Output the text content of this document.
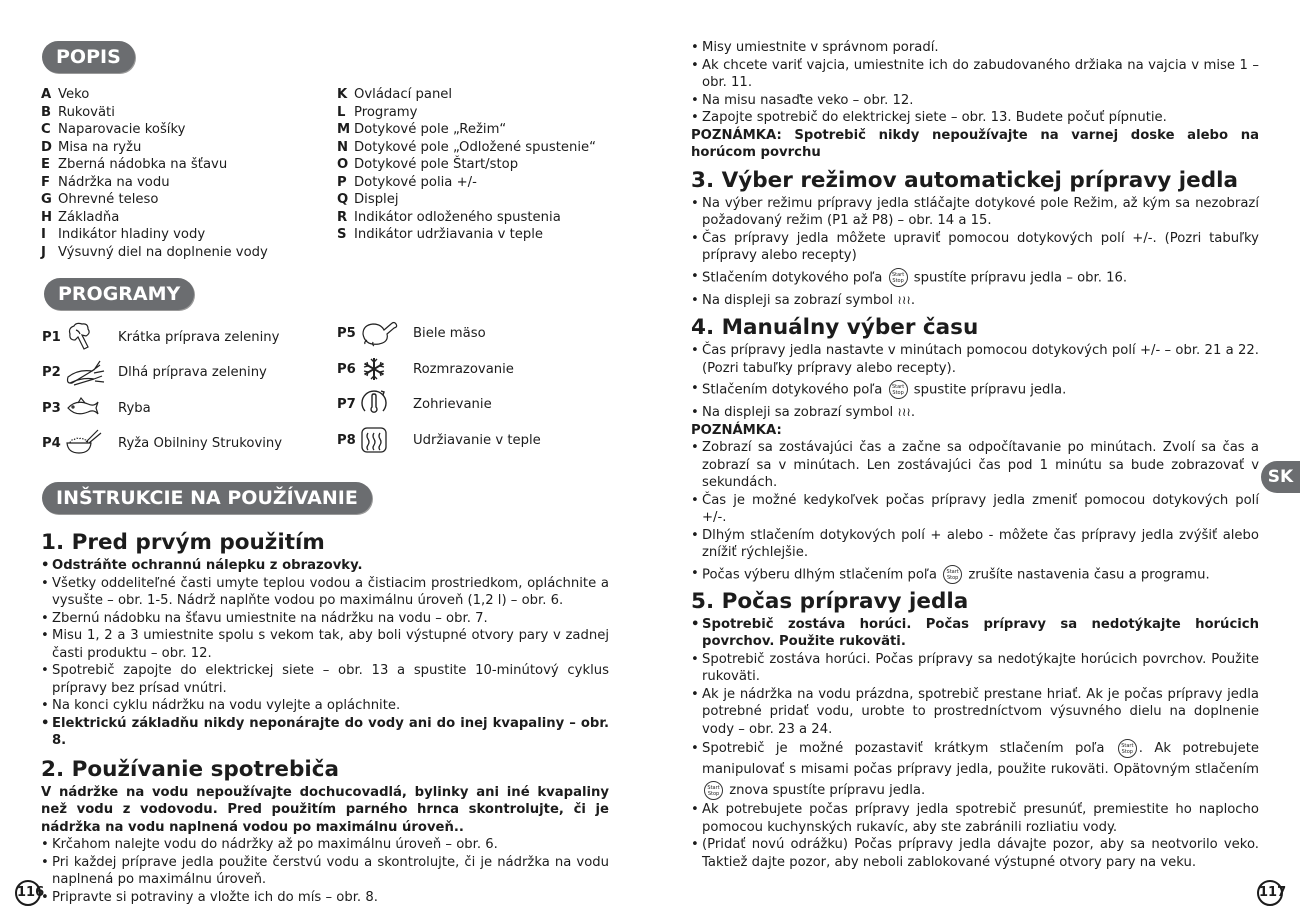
POPIS
A Veko
B Rukoväti
C Naparovacie košíky
D Misa na ryžu
E Zberná nádobka na šťavu
F Nádržka na vodu
G Ohrevné teleso
H Základňa
I Indikátor hladiny vody
J Výsuvný diel na doplnenie vody
K Ovládací panel
L Programy
M Dotykové pole „Režim“
N Dotykové pole „Odložené spustenie“
O Dotykové pole Štart/stop
P Dotykové polia +/-
Q Displej
R Indikátor odloženého spustenia
S Indikátor udržiavania v teple
PROGRAMY
P1	Krátka príprava zeleniny
P2	Dlhá príprava zeleniny
P3	Ryba
P4	Ryža Obilniny Strukoviny
P5	Biele mäso
P6	Rozmrazovanie
P7	Zohrievanie
P8	Udržiavanie v teple
INŠTRUKCIE NA POUŽÍVANIE
1. Pred prvým použitím
• Odstráňte ochrannú nálepku z obrazovky.
• Všetky oddeliteľné časti umyte teplou vodou a čistiacim prostriedkom, opláchnite a vysušte – obr. 1-5. Nádrž naplňte vodou po maximálnu úroveň (1,2 l) – obr. 6.
• Zbernú nádobku na šťavu umiestnite na nádržku na vodu – obr. 7.
• Misu 1, 2 a 3 umiestnite spolu s vekom tak, aby boli výstupné otvory pary v zadnej časti produktu – obr. 12.
• Spotrebič zapojte do elektrickej siete – obr. 13 a spustite 10-minútový cyklus prípravy bez prísad vnútri.
• Na konci cyklu nádržku na vodu vylejte a opláchnite.
• Elektrickú základňu nikdy neponárajte do vody ani do inej kvapaliny – obr. 8.
2. Používanie spotrebiča

V nádržke na vodu nepoužívajte dochucovadlá, bylinky ani iné kvapaliny než vodu z vodovodu. Pred použitím parného hrnca skontrolujte, či je nádržka na vodu naplnená vodou po maximálnu úroveň..

• Krčahom nalejte vodu do nádržky až po maximálnu úroveň – obr. 6.
• Pri každej príprave jedla použite čerstvú vodu a skontrolujte, či je nádržka na vodu naplnená po maximálnu úroveň.
• Pripravte si potraviny a vložte ich do mís – obr. 8.
• Misy umiestnite v správnom poradí.
• Ak chcete variť vajcia, umiestnite ich do zabudovaného držiaka na vajcia v mise 1 – obr. 11.
• Na misu nasaďte veko – obr. 12.
• Zapojte spotrebič do elektrickej siete – obr. 13. Budete počuť pípnutie.

POZNÁMKA: Spotrebič nikdy nepoužívajte na varnej doske alebo na horúcom povrchu

3. Výber režimov automatickej prípravy jedla
• Na výber režimu prípravy jedla stláčajte dotykové pole Režim, až kým sa nezobrazí požadovaný režim (P1 až P8) – obr. 14 a 15.
• Čas prípravy jedla môžete upraviť pomocou dotykových polí +/-. (Pozri tabuľky prípravy alebo recepty)
• Stlačením dotykového poľa Start
Stop spustíte prípravu jedla – obr. 16.
• Na displeji sa zobrazí symbol ≀≀≀.
4. Manuálny výber času
• Čas prípravy jedla nastavte v minútach pomocou dotykových polí +/- – obr. 21 a 22. (Pozri tabuľky prípravy alebo recepty).
• Stlačením dotykového poľa Start
Stop spustite prípravu jedla.
• Na displeji sa zobrazí symbol ≀≀≀.

POZNÁMKA:

• Zobrazí sa zostávajúci čas a začne sa odpočítavanie po minútach. Zvolí sa čas a zobrazí sa v minútach. Len zostávajúci čas pod 1 minútu sa bude zobrazovať v sekundách.
• Čas je možné kedykoľvek počas prípravy jedla zmeniť pomocou dotykových polí +/-.
• Dlhým stlačením dotykových polí + alebo - môžete čas prípravy jedla zvýšiť alebo znížiť rýchlejšie.
• Počas výberu dlhým stlačením poľa Start
Stop zrušíte nastavenia času a programu.
5. Počas prípravy jedla
• Spotrebič zostáva horúci. Počas prípravy sa nedotýkajte horúcich povrchov. Použite rukoväti.
• Spotrebič zostáva horúci. Počas prípravy sa nedotýkajte horúcich povrchov. Použite rukoväti.
• Ak je nádržka na vodu prázdna, spotrebič prestane hriať. Ak je počas prípravy jedla potrebné pridať vodu, urobte to prostredníctvom výsuvného dielu na doplnenie vody – obr. 23 a 24.
• Spotrebič je možné pozastaviť krátkym stlačením poľa	Start
Stop . Ak potrebujete manipulovať s misami počas prípravy jedla, použite rukoväti. Opätovným stlačením Start
Stop znova spustíte prípravu jedla.
• Ak potrebujete počas prípravy jedla spotrebič presunúť, premiestite ho naplocho pomocou kuchynských rukavíc, aby ste zabránili rozliatiu vody.
• (Pridať novú odrážku) Počas prípravy jedla dávajte pozor, aby sa neotvorilo veko. Taktiež dajte pozor, aby neboli zablokované výstupné otvory pary na veku.
116	117
SK
